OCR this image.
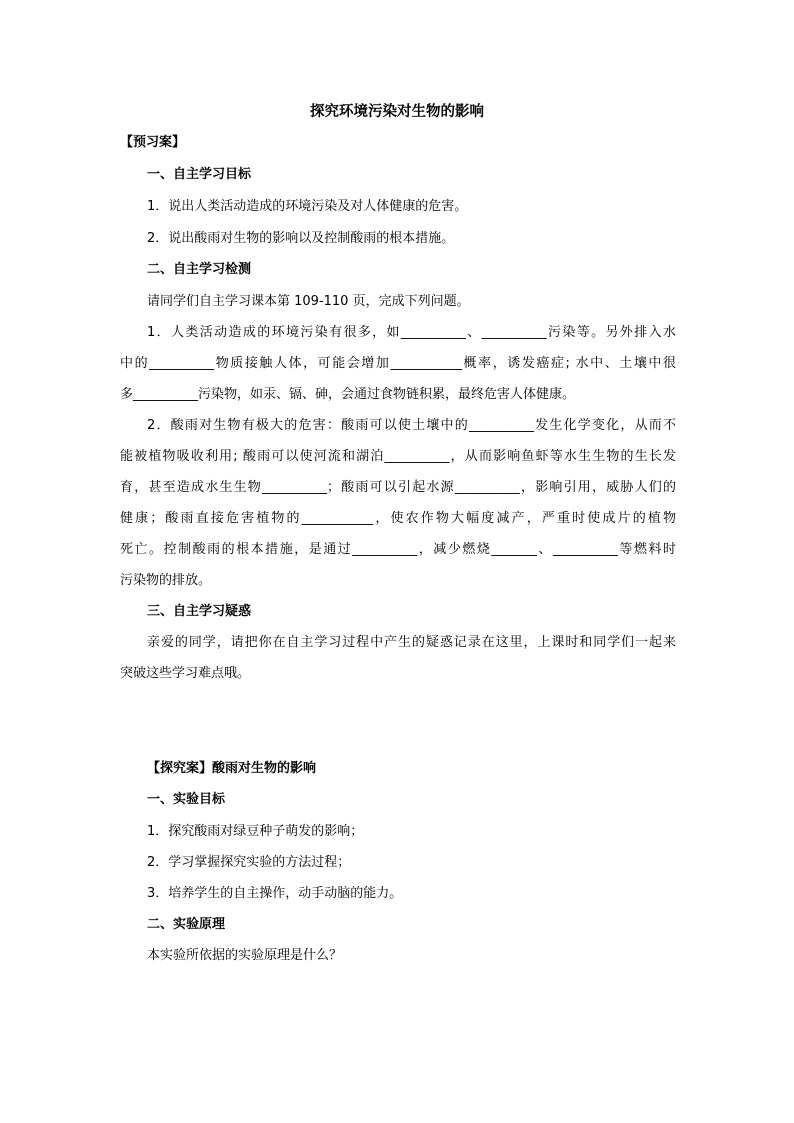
探究环境污染对生物的影响
【预习案】
一、自主学习目标
1．说出人类活动造成的环境污染及对人体健康的危害。
2．说出酸雨对生物的影响以及控制酸雨的根本措施。
二、自主学习检测
请同学们自主学习课本第 109-110 页，完成下列问题。
1．人类活动造成的环境污染有很多，如__________、__________污染等。另外排入水
中的__________物质接触人体，可能会增加___________概率，诱发癌症; 水中、土壤中很
多__________污染物，如汞、镉、砷，会通过食物链积累，最终危害人体健康。
2．酸雨对生物有极大的危害：酸雨可以使土壤中的__________发生化学变化，从而不
能被植物吸收利用; 酸雨可以使河流和湖泊__________，从而影响鱼虾等水生生物的生长发
育，甚至造成水生生物__________；酸雨可以引起水源__________，影响引用，威胁人们的
健康；酸雨直接危害植物的___________，使农作物大幅度减产，严重时使成片的植物
死亡。控制酸雨的根本措施，是通过__________，减少燃烧_______、__________等燃料时
污染物的排放。
三、自主学习疑惑
亲爱的同学，请把你在自主学习过程中产生的疑惑记录在这里，上课时和同学们一起来
突破这些学习难点哦。
【探究案】酸雨对生物的影响
一、实验目标
1．探究酸雨对绿豆种子萌发的影响；
2．学习掌握探究实验的方法过程；
3．培养学生的自主操作，动手动脑的能力。
二、实验原理
本实验所依据的实验原理是什么？
